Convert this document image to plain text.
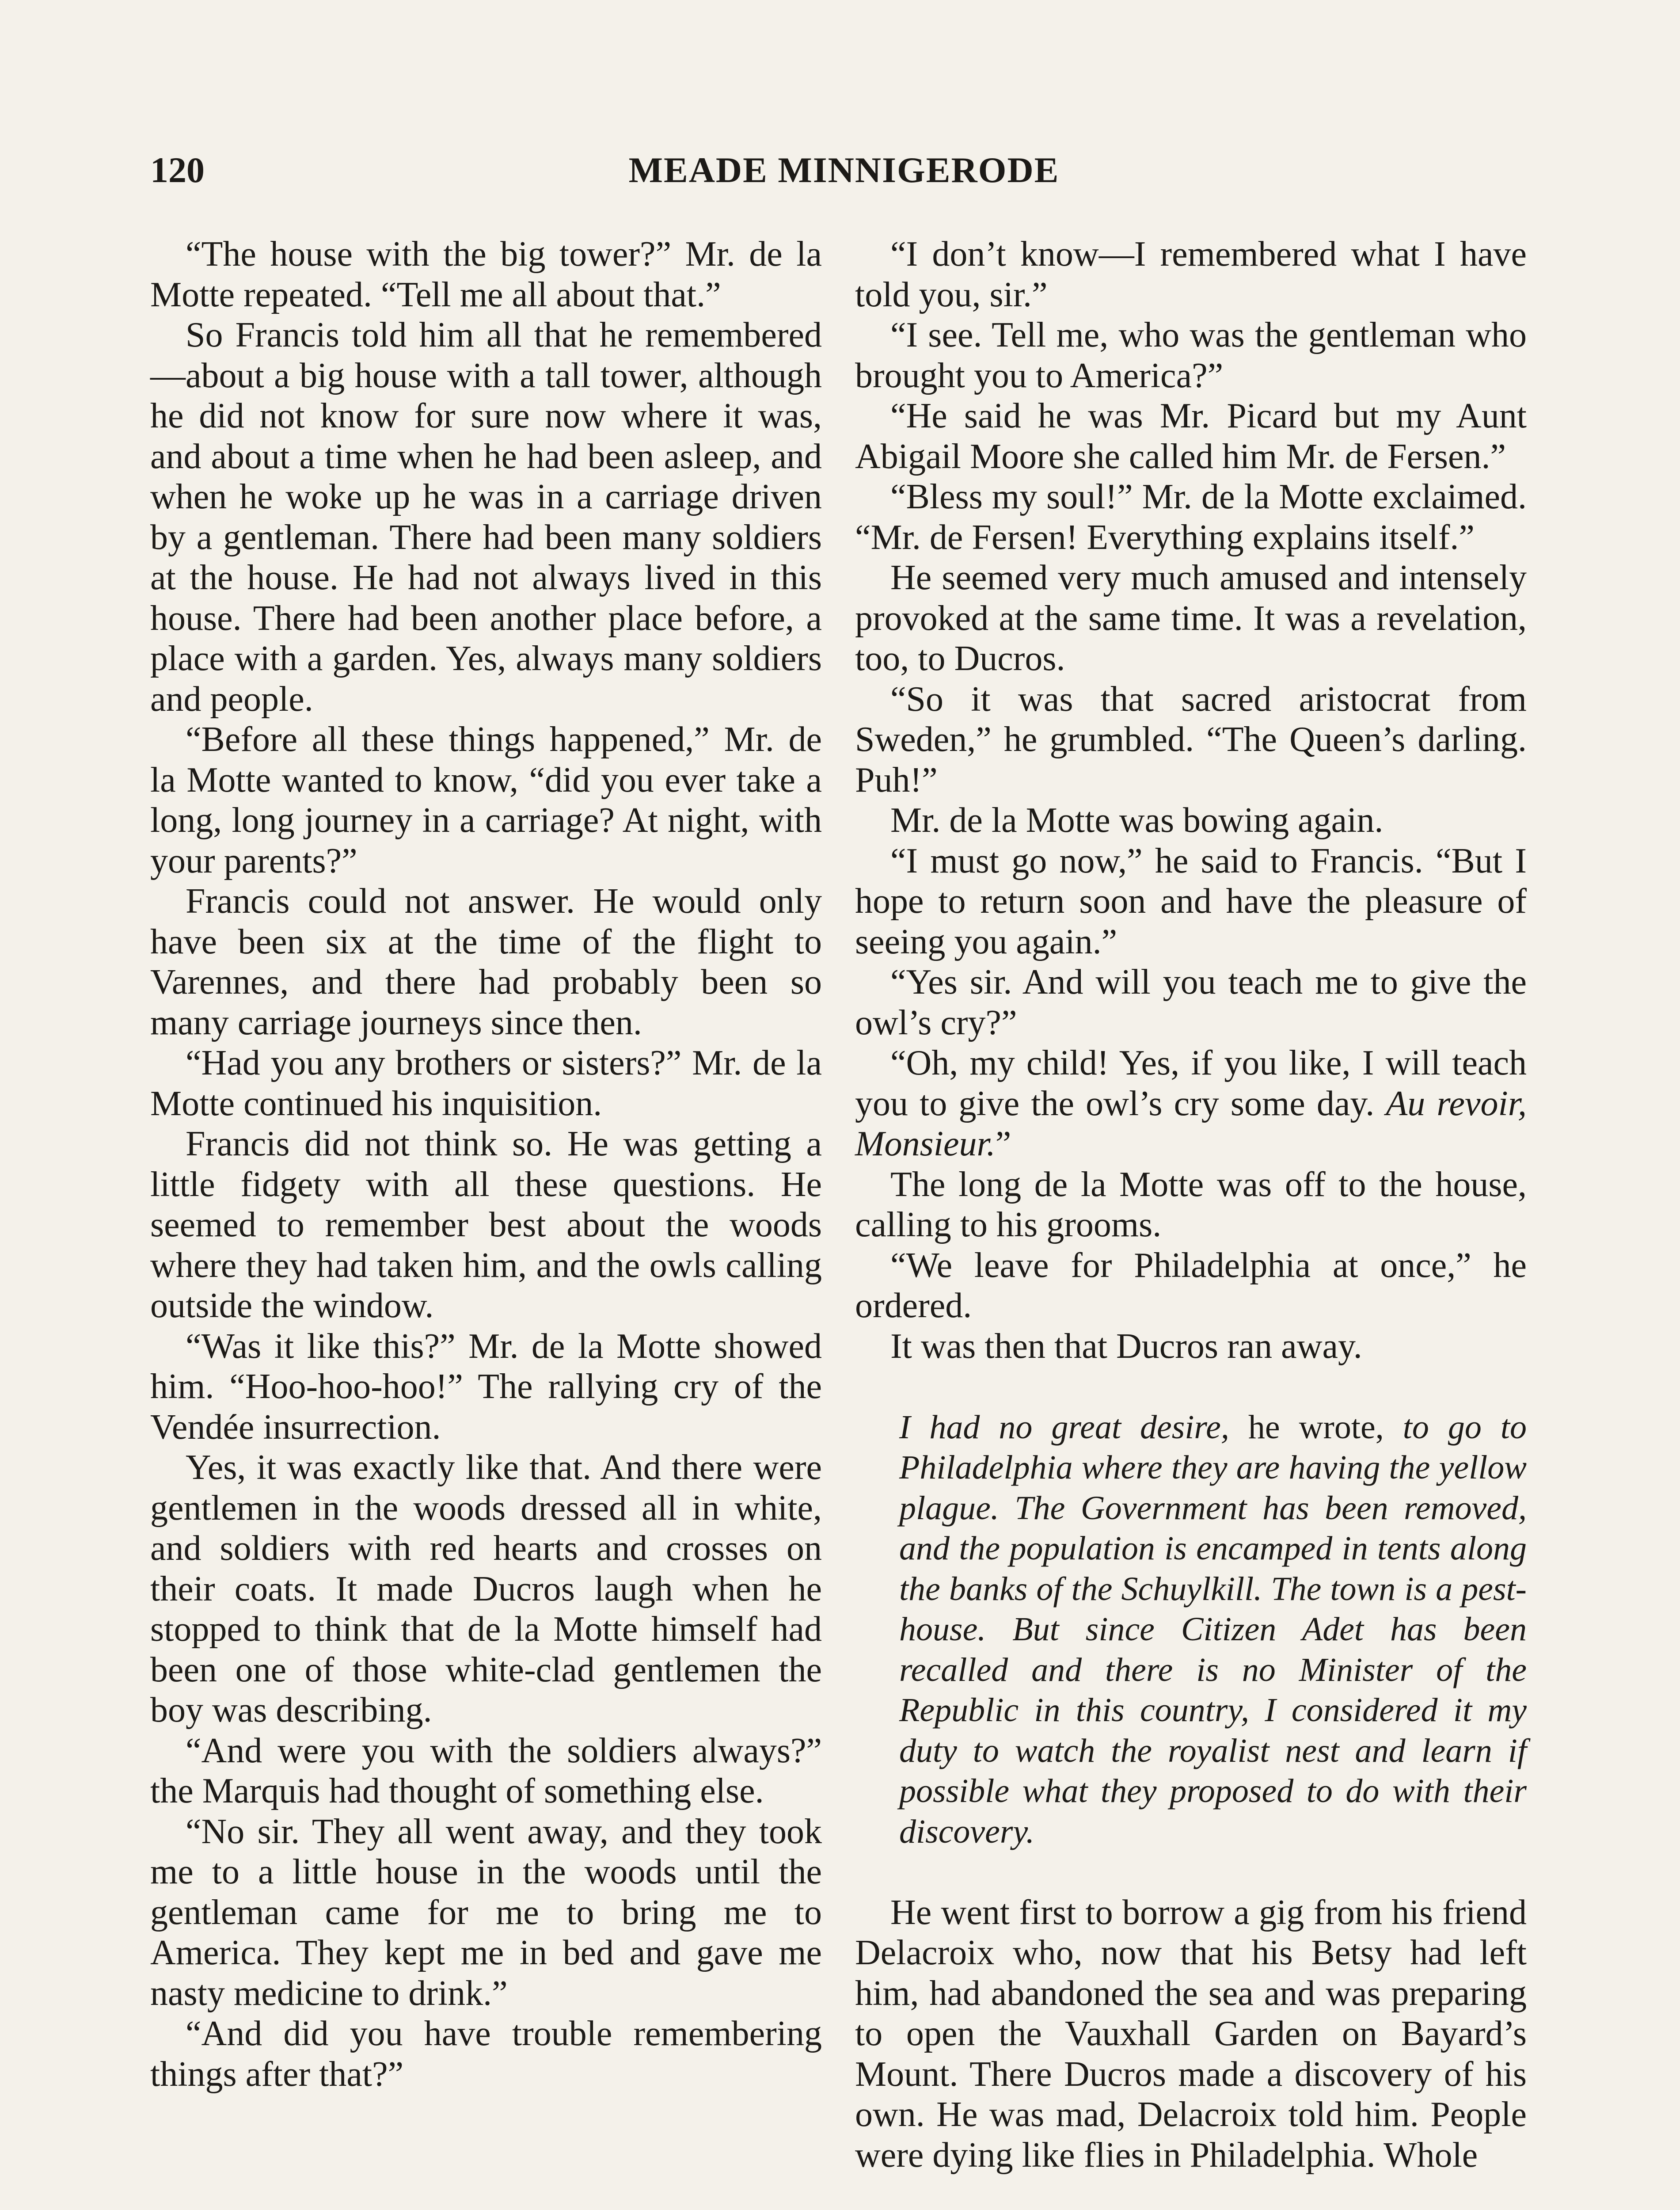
120	MEADE MINNIGERODE

“The house with the big tower?” Mr. de la Motte repeated. “Tell me all about that.”

So Francis told him all that he remembered—about a big house with a tall tower, although he did not know for sure now where it was, and about a time when he had been asleep, and when he woke up he was in a carriage driven by a gentleman. There had been many soldiers at the house. He had not always lived in this house. There had been another place before, a place with a garden. Yes, always many soldiers and people.

“Before all these things happened,” Mr. de la Motte wanted to know, “did you ever take a long, long journey in a carriage? At night, with your parents?”

Francis could not answer. He would only have been six at the time of the flight to Varennes, and there had probably been so many carriage journeys since then.

“Had you any brothers or sisters?” Mr. de la Motte continued his inquisition.

Francis did not think so. He was getting a little fidgety with all these questions. He seemed to remember best about the woods where they had taken him, and the owls calling outside the window.

“Was it like this?” Mr. de la Motte showed him. “Hoo-hoo-hoo!” The rallying cry of the Vendée insurrection.

Yes, it was exactly like that. And there were gentlemen in the woods dressed all in white, and soldiers with red hearts and crosses on their coats. It made Ducros laugh when he stopped to think that de la Motte himself had been one of those white-clad gentlemen the boy was describing.

“And were you with the soldiers always?” the Marquis had thought of something else.

“No sir. They all went away, and they took me to a little house in the woods until the gentleman came for me to bring me to America. They kept me in bed and gave me nasty medicine to drink.”

“And did you have trouble remembering things after that?”

“I don’t know—I remembered what I have told you, sir.”

“I see. Tell me, who was the gentleman who brought you to America?”

“He said he was Mr. Picard but my Aunt Abigail Moore she called him Mr. de Fersen.”

“Bless my soul!” Mr. de la Motte exclaimed. “Mr. de Fersen! Everything explains itself.”

He seemed very much amused and intensely provoked at the same time. It was a revelation, too, to Ducros.

“So it was that sacred aristocrat from Sweden,” he grumbled. “The Queen’s darling. Puh!”

Mr. de la Motte was bowing again.

“I must go now,” he said to Francis. “But I hope to return soon and have the pleasure of seeing you again.”

“Yes sir. And will you teach me to give the owl’s cry?”

“Oh, my child! Yes, if you like, I will teach you to give the owl’s cry some day. Au revoir, Monsieur.”

The long de la Motte was off to the house, calling to his grooms.

“We leave for Philadelphia at once,” he ordered.

It was then that Ducros ran away.

I had no great desire, he wrote, to go to Philadelphia where they are having the yellow plague. The Government has been removed, and the population is encamped in tents along the banks of the Schuylkill. The town is a pest-house. But since Citizen Adet has been recalled and there is no Minister of the Republic in this country, I considered it my duty to watch the royalist nest and learn if possible what they proposed to do with their discovery.

He went first to borrow a gig from his friend Delacroix who, now that his Betsy had left him, had abandoned the sea and was preparing to open the Vauxhall Garden on Bayard’s Mount. There Ducros made a discovery of his own. He was mad, Delacroix told him. People were dying like flies in Philadelphia. Whole
